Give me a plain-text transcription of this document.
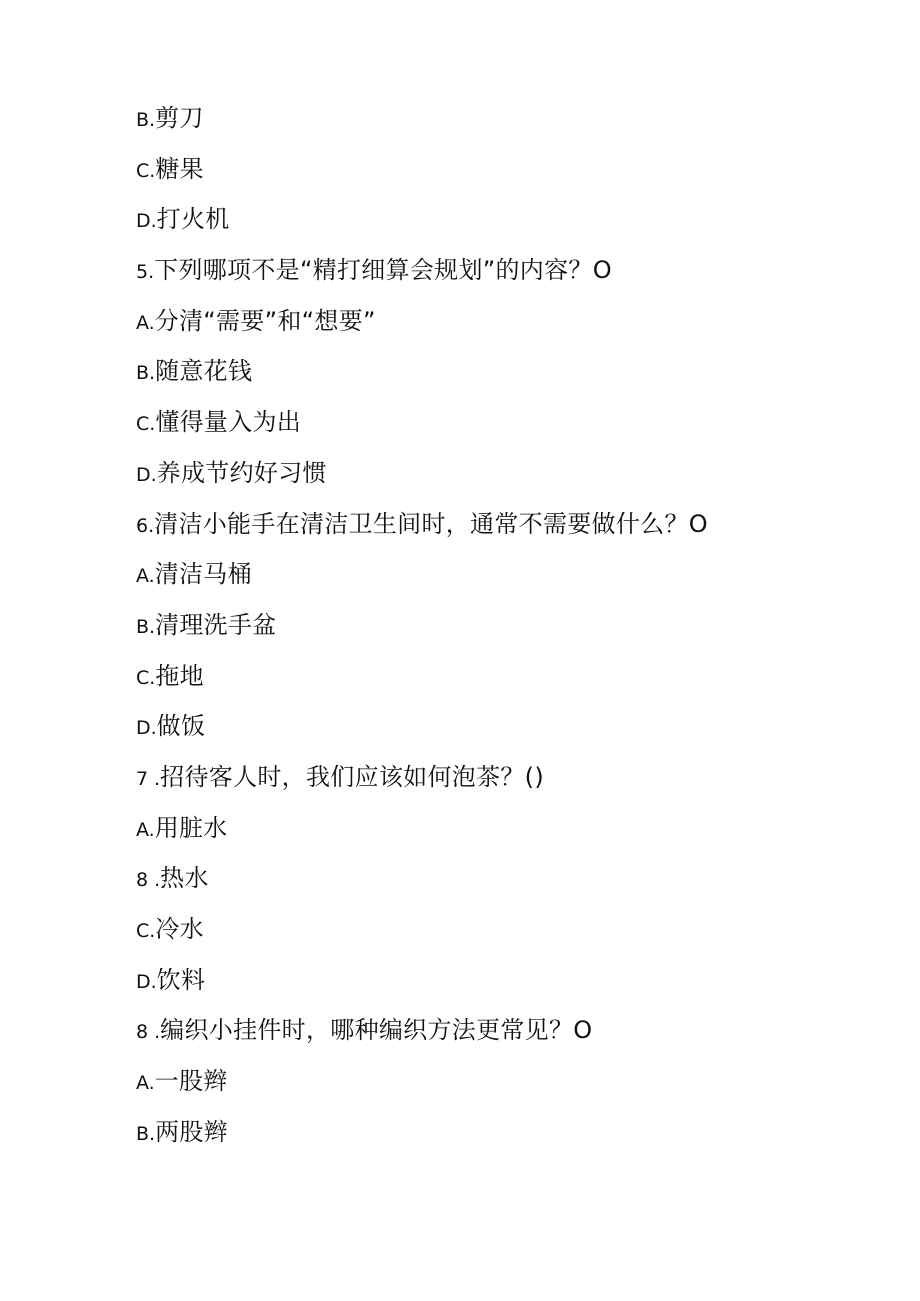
B.剪刀
C.糖果
D.打火机
5.下列哪项不是“精打细算会规划”的内容？O
A.分清“需要”和“想要”
B.随意花钱
C.懂得量入为出
D.养成节约好习惯
6.清洁小能手在清洁卫生间时，通常不需要做什么？O
A.清洁马桶
B.清理洗手盆
C.拖地
D.做饭
7 .招待客人时，我们应该如何泡茶？()
A.用脏水
8 .热水
C.冷水
D.饮料
8 .编织小挂件时，哪种编织方法更常见？O
A.一股辫
B.两股辫
